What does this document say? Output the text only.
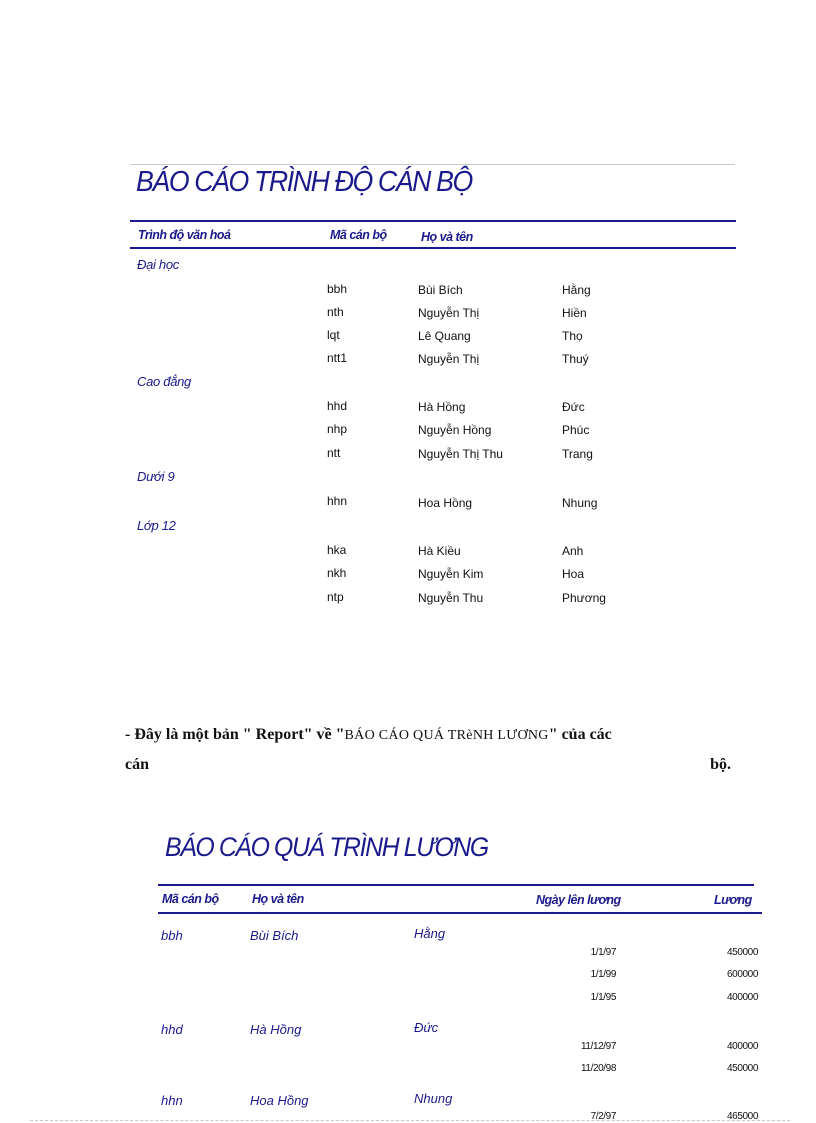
BÁO CÁO TRÌNH ĐỘ CÁN BỘ
Trình độ văn hoá	Mã cán bộ	Họ và tên
Đại học
bbh	Bùi Bích	Hằng
nth	Nguyễn Thị	Hiền
lqt	Lê Quang	Thọ
ntt1	Nguyễn Thị	Thuý
Cao đẳng
hhd	Hà Hồng	Đức
nhp	Nguyễn Hồng	Phúc
ntt	Nguyễn Thị Thu	Trang
Dưới 9
hhn	Hoa Hồng	Nhung
Lớp 12
hka	Hà Kiều	Anh
nkh	Nguyễn Kim	Hoa
ntp	Nguyễn Thu	Phương
- Đây là một bản " Report" về "BÁO CÁO QUÁ TRèNH LƯƠNG" của các
cán	bộ.
BÁO CÁO QUÁ TRÌNH LƯƠNG
Mã cán bộ	Họ và tên	Ngày lên lương	Lương
bbh	Bùi Bích	Hằng
1/1/97	450000
1/1/99	600000
1/1/95	400000
hhd	Hà Hồng	Đức
11/12/97	400000
11/20/98	450000
hhn	Hoa Hồng	Nhung
7/2/97	465000
